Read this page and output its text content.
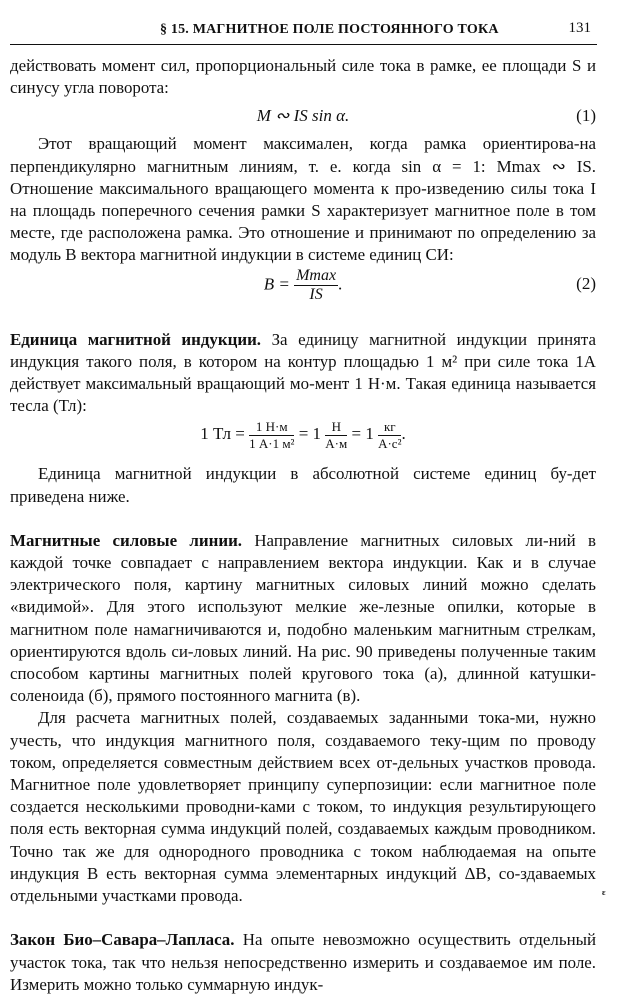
§ 15. МАГНИТНОЕ ПОЛЕ ПОСТОЯННОГО ТОКА	131

действовать момент сил, пропорциональный силе тока в рамке, ее площади S и синусу угла поворота:

M ∾ IS sin α.	(1)

Этот вращающий момент максимален, когда рамка ориентирова-на перпендикулярно магнитным линиям, т. е. когда sin α = 1: Mmax ∾ IS. Отношение максимального вращающего момента к про-изведению силы тока I на площадь поперечного сечения рамки S характеризует магнитное поле в том месте, где расположена рамка. Это отношение и принимают по определению за модуль B вектора магнитной индукции в системе единиц СИ:

$B = \frac{Mmax}{IS}$ .	(2)

Единица магнитной индукции. За единицу магнитной индукции принята индукция такого поля, в котором на контур площадью 1 м² при силе тока 1А действует максимальный вращающий мо-мент 1 Н·м. Такая единица называется тесла (Тл):

1 Тл = $\frac{1 Н\cdot м}{\text{1 А·1 м²}} = 1 \frac{Н}{А\cdot м} = 1 \frac{кг}{\text{А·с²}}$ .

Единица магнитной индукции в абсолютной системе единиц бу-дет приведена ниже.

Магнитные силовые линии. Направление магнитных силовых ли-ний в каждой точке совпадает с направлением вектора индукции. Как и в случае электрического поля, картину магнитных силовых линий можно сделать «видимой». Для этого используют мелкие же-лезные опилки, которые в магнитном поле намагничиваются и, подобно маленьким магнитным стрелкам, ориентируются вдоль си-ловых линий. На рис. 90 приведены полученные таким способом картины магнитных полей кругового тока (а), длинной катушки-соленоида (б), прямого постоянного магнита (в).

Для расчета магнитных полей, создаваемых заданными тока-ми, нужно учесть, что индукция магнитного поля, создаваемого теку-щим по проводу током, определяется совместным действием всех от-дельных участков провода. Магнитное поле удовлетворяет принципу суперпозиции: если магнитное поле создается несколькими проводни-ками с током, то индукция результирующего поля есть векторная сумма индукций полей, создаваемых каждым проводником. Точно так же для однородного проводника с током наблюдаемая на опыте индукция B есть векторная сумма элементарных индукций ΔB, со-здаваемых отдельными участками провода.

Закон Био–Савара–Лапласа. На опыте невозможно осуществить отдельный участок тока, так что нельзя непосредственно измерить и создаваемое им поле. Измерить можно только суммарную индук-

ᵋ
